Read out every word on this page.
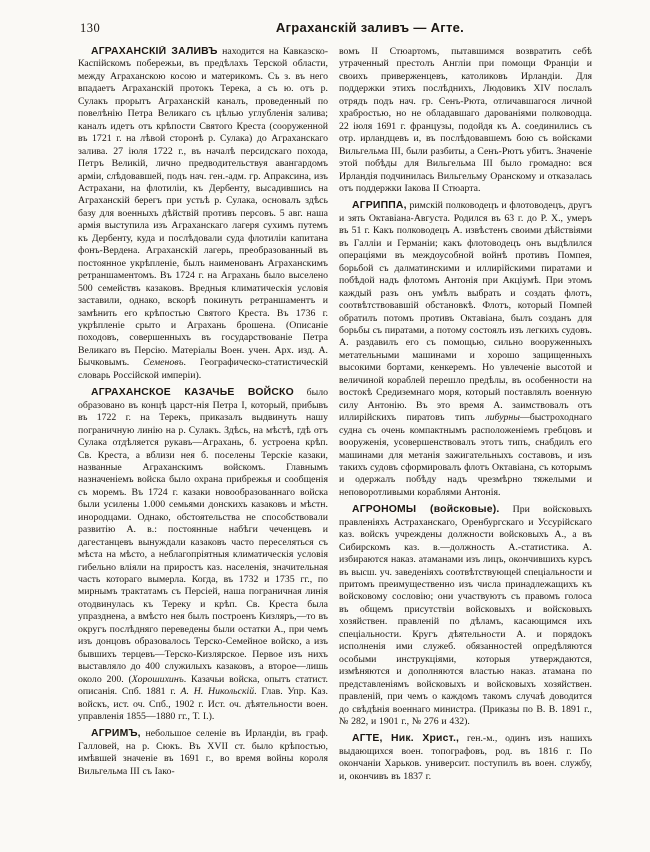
130	Аграханскій заливъ — Агте.

АГРАХАНСКІЙ ЗАЛИВЪ находится на Кавказско-Каспійскомъ побережьи, въ предѣлахъ Терской области, между Аграханскою косою и материкомъ. Съ з. въ него впадаетъ Аграханскій протокъ Терека, а съ ю. отъ р. Сулакъ прорытъ Аграханскій каналъ, проведенный по повелѣнію Петра Великаго съ цѣлью углубленія залива; каналъ идетъ отъ крѣпости Святого Креста (сооруженной въ 1721 г. на лѣвой сторонѣ р. Сулака) до Аграханскаго залива. 27 іюля 1722 г., въ началѣ персидскаго похода, Петръ Великій, лично предводительствуя авангардомъ арміи, слѣдовавшей, подъ нач. ген.-адм. гр. Апраксина, изъ Астрахани, на флотиліи, къ Дербенту, высадившись на Аграханскій берегъ при устьѣ р. Сулака, основалъ здѣсь базу для военныхъ дѣйствій противъ персовъ. 5 авг. наша армія выступила изъ Аграханскаго лагеря сухимъ путемъ къ Дербенту, куда и послѣдовали суда флотиліи капитана фонъ-Вердена. Аграханскій лагерь, преобразованный въ постоянное укрѣпленіе, былъ наименованъ Аграханскимъ ретраншаментомъ. Въ 1724 г. на Аграхань было выселено 500 семействъ казаковъ. Вредныя климатическія условія заставили, однако, вскорѣ покинуть ретраншаментъ и замѣнить его крѣпостью Святого Креста. Въ 1736 г. укрѣпленіе срыто и Аграхань брошена. (Описаніе походовъ, совершенныхъ въ государствованіе Петра Великаго въ Персію. Матеріалы Воен. учен. Арх. изд. А. Бычковымъ. Семеновъ. Географическо-статистическій словарь Россійской имперіи).

АГРАХАНСКОЕ КАЗАЧЬЕ ВОЙСКО было образовано въ концѣ царст-нія Петра I, который, прибывъ въ 1722 г. на Терекъ, приказалъ выдвинуть нашу пограничную линію на р. Сулакъ. Здѣсь, на мѣстѣ, гдѣ отъ Сулака отдѣляется рукавъ—Аграхань, б. устроена крѣп. Св. Креста, а вблизи нея б. поселены Терскіе казаки, названные Аграханскимъ войскомъ. Главнымъ назначеніемъ войска было охрана прибрежья и сообщенія съ моремъ. Въ 1724 г. казаки новообразованнаго войска были усилены 1.000 семьями донскихъ казаковъ и мѣстн. инородцами. Однако, обстоятельства не способствовали развитію А. в.: постоянные набѣги чеченцевъ и дагестанцевъ вынуждали казаковъ часто переселяться съ мѣста на мѣсто, а неблагопріятныя климатическія условія гибельно вліяли на приростъ каз. населенія, значительная часть котораго вымерла. Когда, въ 1732 и 1735 гг., по мирнымъ трактатамъ съ Персіей, наша пограничная линія отодвинулась къ Тереку и крѣп. Св. Креста была упразднена, а вмѣсто нея былъ построенъ Кизляръ,—то въ округъ послѣдняго переведены были остатки А., при чемъ изъ донцовъ образовалось Терско-Семейное войско, а изъ бывшихъ терцевъ—Терско-Кизлярское. Первое изъ нихъ выставляло до 400 служилыхъ казаковъ, а второе—лишь около 200. (Хорошихинъ. Казачьи войска, опытъ статист. описанія. Спб. 1881 г. А. Н. Никольскій. Глав. Упр. Каз. войскъ, ист. оч. Спб., 1902 г. Ист. оч. дѣятельности воен. управленія 1855—1880 гг., Т. I.).

АГРИМЪ, небольшое селеніе въ Ирландіи, въ граф. Галловей, на р. Сюкъ. Въ XVII ст. было крѣпостью, имѣвшей значеніе въ 1691 г., во время войны короля Вильгельма III съ Іако-

вомъ II Стюартомъ, пытавшимся возвратить себѣ утраченный престолъ Англіи при помощи Франціи и своихъ приверженцевъ, католиковъ Ирландіи. Для поддержки этихъ послѣднихъ, Людовикъ XIV послалъ отрядъ подъ нач. гр. Сенъ-Рюта, отличавшагося личной храбростью, но не обладавшаго дарованіями полководца. 22 іюля 1691 г. французы, подойдя къ А. соединились съ отр. ирландцевъ и, въ послѣдовавшемъ бою съ войсками Вильгельма III, были разбиты, а Сенъ-Рютъ убитъ. Значеніе этой побѣды для Вильгельма III было громадно: вся Ирландія подчинилась Вильгельму Оранскому и отказалась отъ поддержки Іакова II Стюарта.

АГРИППА, римскій полководецъ и флотоводецъ, другъ и зять Октавіана-Августа. Родился въ 63 г. до Р. Х., умеръ въ 51 г. Какъ полководецъ А. извѣстенъ своими дѣйствіями въ Галліи и Германіи; какъ флотоводецъ онъ выдѣлился операціями въ междоусобной войнѣ противъ Помпея, борьбой съ далматинскими и иллирійскими пиратами и побѣдой надъ флотомъ Антонія при Акціумѣ. При этомъ каждый разъ онъ умѣлъ выбрать и создать флотъ, соотвѣтствовавшій обстановкѣ. Флотъ, который Помпей обратилъ потомъ противъ Октавіана, былъ созданъ для борьбы съ пиратами, а потому состоялъ изъ легкихъ судовъ. А. раздавилъ его съ помощью, сильно вооруженныхъ метательными машинами и хорошо защищенныхъ высокими бортами, кенкеремъ. Но увлеченіе высотой и величиной кораблей перешло предѣлы, въ особенности на востокѣ Средиземнаго моря, который поставлялъ военную силу Антонію. Въ это время А. заимствовалъ отъ иллирійскихъ пиратовъ типъ либурны—быстроходнаго судна съ очень компактнымъ расположеніемъ гребцовъ и вооруженія, усовершенствовалъ этотъ типъ, снабдилъ его машинами для метанія зажигательныхъ составовъ, и изъ такихъ судовъ сформировалъ флотъ Октавіана, съ которымъ и одержалъ побѣду надъ чрезмѣрно тяжелыми и неповоротливыми кораблями Антонія.

АГРОНОМЫ (войсковые). При войсковыхъ правленіяхъ Астраханскаго, Оренбургскаго и Уссурійскаго каз. войскъ учреждены должности войсковыхъ А., а въ Сибирскомъ каз. в.—должность А.-статистика. А. избираются наказ. атаманами изъ лицъ, окончившихъ курсъ въ высш. уч. заведеніяхъ соотвѣтствующей спеціальности и притомъ преимущественно изъ числа принадлежащихъ къ войсковому сословію; они участвуютъ съ правомъ голоса въ общемъ присутствіи войсковыхъ и войсковыхъ хозяйствен. правленій по дѣламъ, касающимся ихъ спеціальности. Кругъ дѣятельности А. и порядокъ исполненія ими служеб. обязанностей опредѣляются особыми инструкціями, которыя утверждаются, измѣняются и дополняются властью наказ. атамана по представленіямъ войсковыхъ и войсковыхъ хозяйствен. правленій, при чемъ о каждомъ такомъ случаѣ доводится до свѣдѣнія военнаго министра. (Приказы по В. В. 1891 г., № 282, и 1901 г., № 276 и 432).

АГТЕ, Ник. Христ., ген.-м., одинъ изъ нашихъ выдающихся воен. топографовъ, род. въ 1816 г. По окончаніи Харьков. университ. поступилъ въ воен. службу, и, окончивъ въ 1837 г.
